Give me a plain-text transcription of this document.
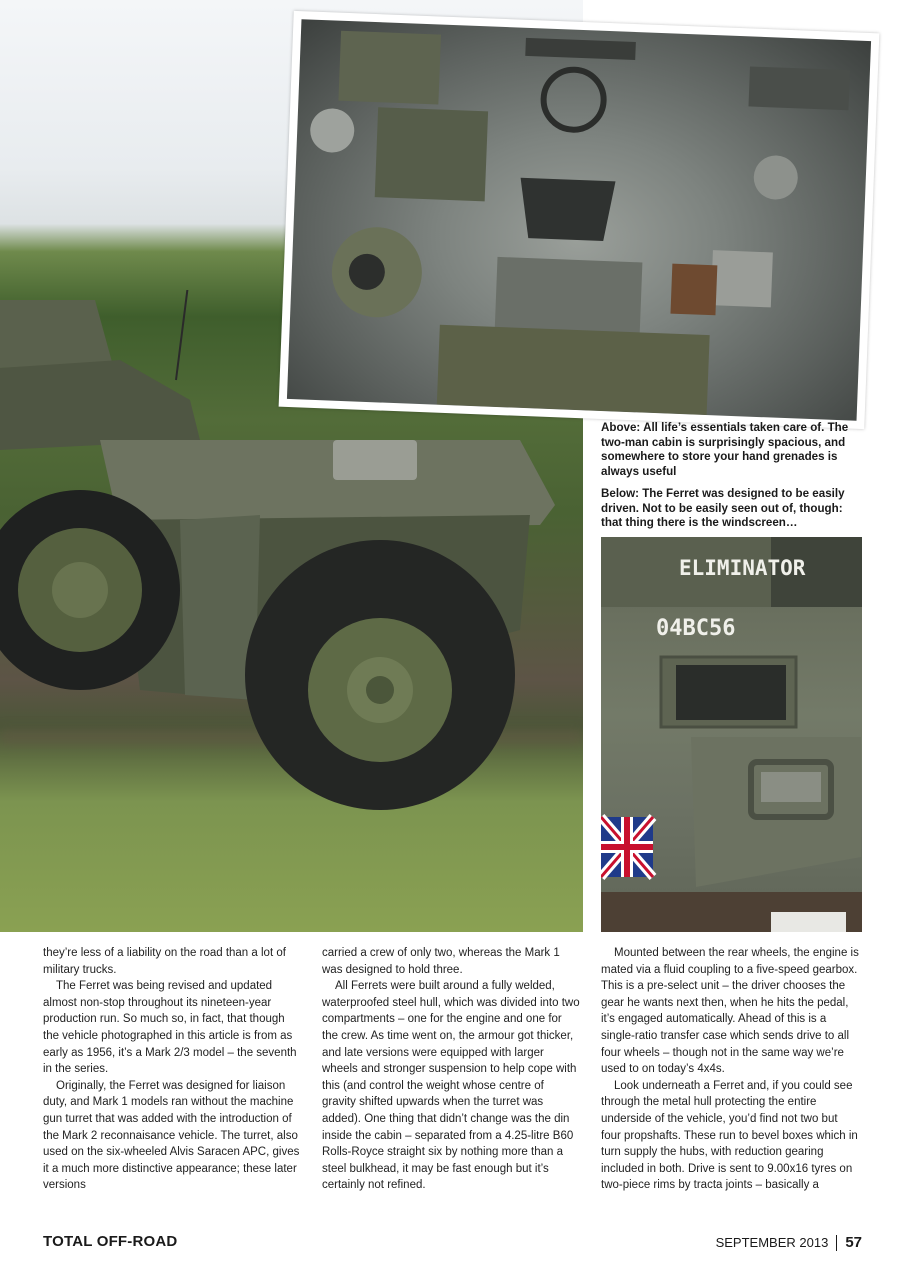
Above: All life’s essentials taken care of. The two-man cabin is surprisingly spacious, and somewhere to store your hand grenades is always useful
Below: The Ferret was designed to be easily driven. Not to be easily seen out of, though: that thing there is the windscreen…
ELIMINATOR
04BC56

they’re less of a liability on the road than a lot of military trucks.

The Ferret was being revised and updated almost non-stop throughout its nineteen-year production run. So much so, in fact, that though the vehicle photographed in this article is from as early as 1956, it’s a Mark 2/3 model – the seventh in the series.

Originally, the Ferret was designed for liaison duty, and Mark 1 models ran without the machine gun turret that was added with the introduction of the Mark 2 reconnaisance vehicle. The turret, also used on the six-wheeled Alvis Saracen APC, gives it a much more distinctive appearance; these later versions

carried a crew of only two, whereas the Mark 1 was designed to hold three.

All Ferrets were built around a fully welded, waterproofed steel hull, which was divided into two compartments – one for the engine and one for the crew. As time went on, the armour got thicker, and late versions were equipped with larger wheels and stronger suspension to help cope with this (and control the weight whose centre of gravity shifted upwards when the turret was added). One thing that didn’t change was the din inside the cabin – separated from a 4.25-litre B60 Rolls-Royce straight six by nothing more than a steel bulkhead, it may be fast enough but it’s certainly not refined.

Mounted between the rear wheels, the engine is mated via a fluid coupling to a five-speed gearbox. This is a pre-select unit – the driver chooses the gear he wants next then, when he hits the pedal, it’s engaged automatically. Ahead of this is a single-ratio transfer case which sends drive to all four wheels – though not in the same way we’re used to on today’s 4x4s.

Look underneath a Ferret and, if you could see through the metal hull protecting the entire underside of the vehicle, you’d find not two but four propshafts. These run to bevel boxes which in turn supply the hubs, with reduction gearing included in both. Drive is sent to 9.00x16 tyres on two-piece rims by tracta joints – basically a

TOTAL OFF-ROAD	SEPTEMBER 2013 57
